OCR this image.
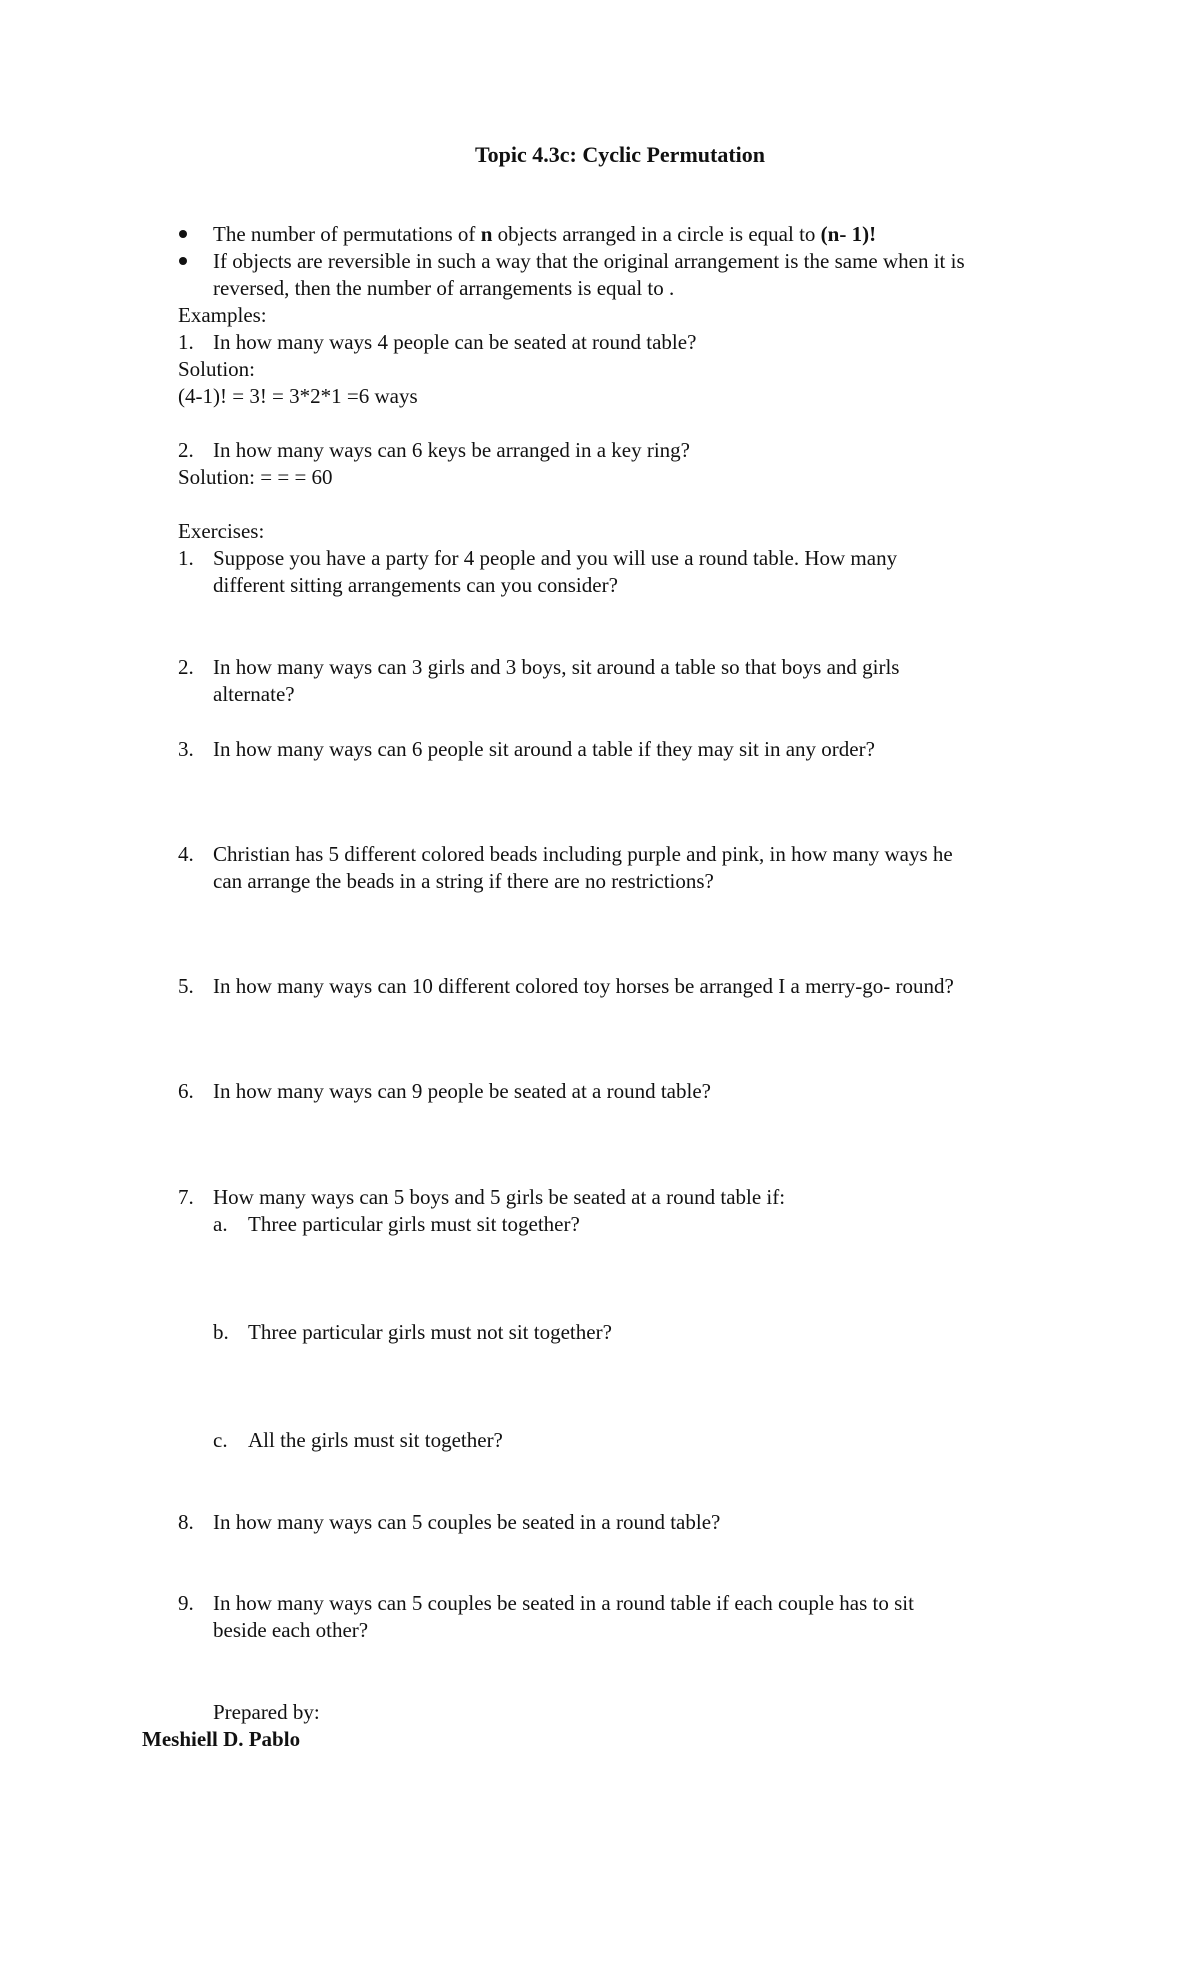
Topic 4.3c: Cyclic Permutation
The number of permutations of n objects arranged in a circle is equal to (n- 1)!
If objects are reversible in such a way that the original arrangement is the same when it is
reversed, then the number of arrangements is equal to .
Examples:
1. In how many ways 4 people can be seated at round table?
Solution:
(4-1)! = 3! = 3*2*1 =6 ways
2. In how many ways can 6 keys be arranged in a key ring?
Solution: = = = 60
Exercises:
1. Suppose you have a party for 4 people and you will use a round table. How many
different sitting arrangements can you consider?
2. In how many ways can 3 girls and 3 boys, sit around a table so that boys and girls
alternate?
3. In how many ways can 6 people sit around a table if they may sit in any order?
4. Christian has 5 different colored beads including purple and pink, in how many ways he
can arrange the beads in a string if there are no restrictions?
5. In how many ways can 10 different colored toy horses be arranged I a merry-go- round?
6. In how many ways can 9 people be seated at a round table?
7. How many ways can 5 boys and 5 girls be seated at a round table if:
a. Three particular girls must sit together?
b. Three particular girls must not sit together?
c. All the girls must sit together?
8. In how many ways can 5 couples be seated in a round table?
9. In how many ways can 5 couples be seated in a round table if each couple has to sit
beside each other?
Prepared by:
Meshiell D. Pablo
